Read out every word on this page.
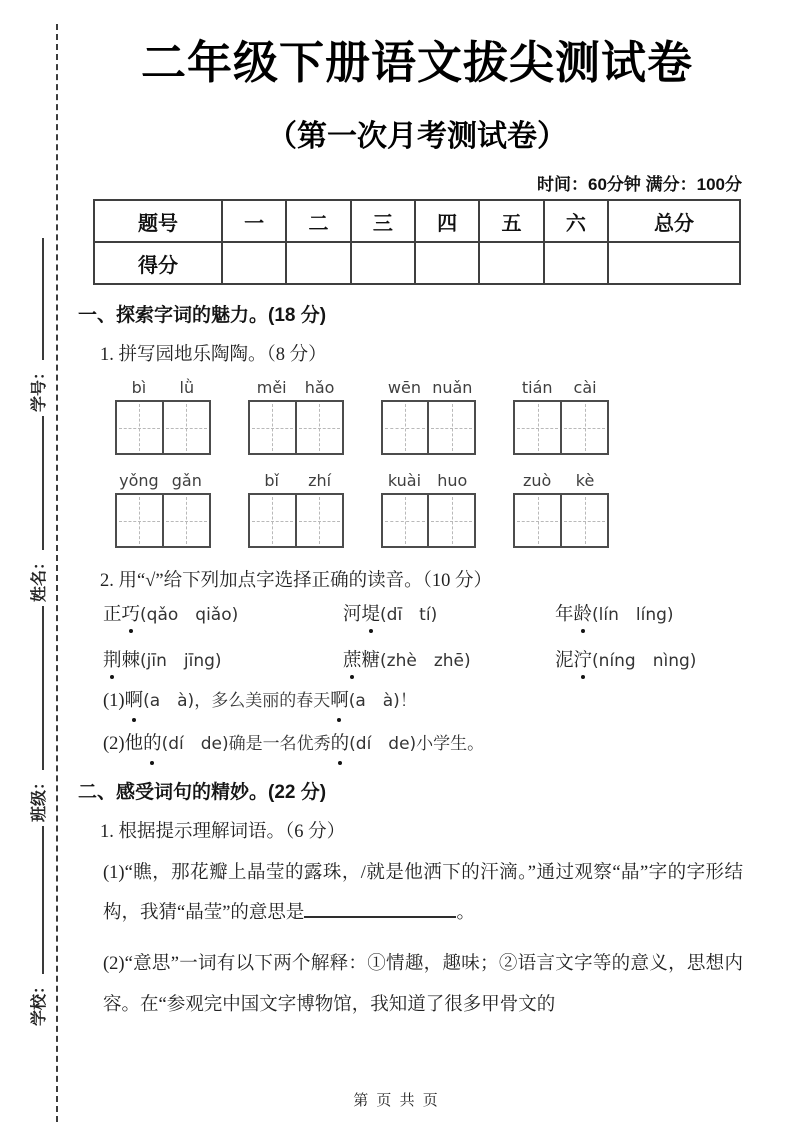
学校：
班级：
姓名：
学号：
二年级下册语文拔尖测试卷
（第一次月考测试卷）
时间：60分钟 满分：100分
题号	一	二	三	四	五	六	总分
得分							
一、探索字词的魅力。(18 分)
1. 拼写园地乐陶陶。（8 分）
bì	lǜ	měi	hǎo	wēn nuǎn	tián	cài
yǒng gǎn	bǐ	zhí	kuài	huo	zuò	kè
2. 用“√”给下列加点字选择正确的读音。（10 分）
正巧(qǎo　qiǎo)	河堤(dī　tí)	年龄(lín　líng)
荆棘(jīn　jīng)	蔗糖(zhè　zhē)	泥泞(níng　nìng)
(1)啊(a　à)，多么美丽的春天啊(a　à)！
(2)他的(dí　de)确是一名优秀的(dí　de)小学生。
二、感受词句的精妙。(22 分)
1. 根据提示理解词语。（6 分）
(1)“瞧，那花瓣上晶莹的露珠，/就是他洒下的汗滴。”通过观察“晶”字的字形结构，我猜“晶莹”的意思是	。
(2)“意思”一词有以下两个解释：①情趣，趣味；②语言文字等的意义，思想内容。在“参观完中国文字博物馆，我知道了很多甲骨文的
第 页 共 页
